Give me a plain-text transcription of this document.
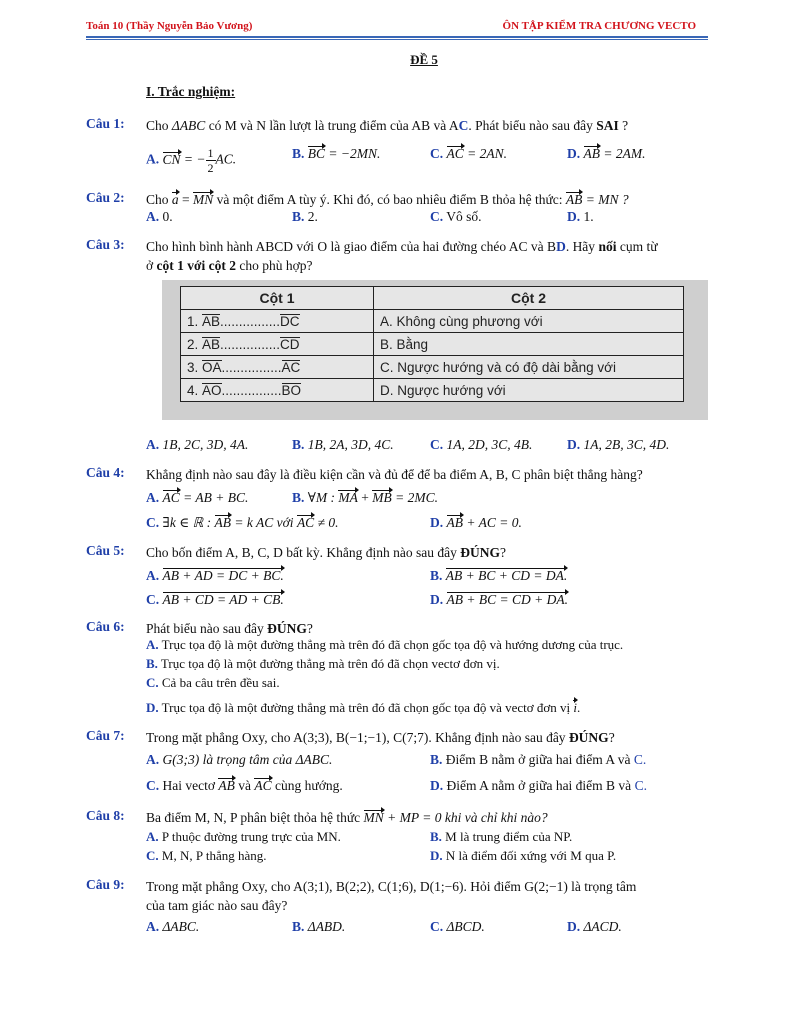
Toán 10 (Thầy Nguyễn Bảo Vương)	ÔN TẬP KIỂM TRA CHƯƠNG VECTO
ĐỀ 5
I. Trắc nghiệm:
Câu 1: Cho ΔABC có M và N lần lượt là trung điểm của AB và AC. Phát biểu nào sau đây SAI ?
A. CN = − $\frac{1}{2}$ AC.	B. BC = −2MN.	C. AC = 2AN.	D. AB = 2AM.
Câu 2: Cho a = MN và một điểm A tùy ý. Khi đó, có bao nhiêu điểm B thỏa hệ thức: AB = MN ?
A. 0.	B. 2.	C. Vô số.	D. 1.
Câu 3: Cho hình bình hành ABCD với O là giao điểm của hai đường chéo AC và BD. Hãy nối cụm từ
ở cột 1 với cột 2 cho phù hợp?
Cột 1	Cột 2
1. AB................DC	A. Không cùng phương với
2. AB................CD	B. Bằng
3. OA................AC	C. Ngược hướng và có độ dài bằng với
4. AO................BO	D. Ngược hướng với
A. 1B, 2C, 3D, 4A.	B. 1B, 2A, 3D, 4C.	C. 1A, 2D, 3C, 4B.	D. 1A, 2B, 3C, 4D.
Câu 4: Khẳng định nào sau đây là điều kiện cần và đủ để để ba điểm A, B, C phân biệt thẳng hàng?
A. AC = AB + BC.	B. ∀M : MA + MB = 2MC.
C. ∃k ∈ ℝ : AB = k AC với AC ≠ 0.	D. AB + AC = 0.
Câu 5: Cho bốn điểm A, B, C, D bất kỳ. Khẳng định nào sau đây ĐÚNG?
A. AB + AD = DC + BC.	B. AB + BC + CD = DA.
C. AB + CD = AD + CB.	D. AB + BC = CD + DA.
Câu 6: Phát biểu nào sau đây ĐÚNG?
A. Trục tọa độ là một đường thẳng mà trên đó đã chọn gốc tọa độ và hướng dương của trục.
B. Trục tọa độ là một đường thẳng mà trên đó đã chọn vectơ đơn vị.
C. Cả ba câu trên đều sai.
D. Trục tọa độ là một đường thẳng mà trên đó đã chọn gốc tọa độ và vectơ đơn vị i.
Câu 7: Trong mặt phẳng Oxy, cho A(3;3), B(−1;−1), C(7;7). Khẳng định nào sau đây ĐÚNG?
A. G(3;3) là trọng tâm của ΔABC.	B. Điểm B nằm ở giữa hai điểm A và C.
C. Hai vectơ AB và AC cùng hướng.	D. Điểm A nằm ở giữa hai điểm B và C.
Câu 8: Ba điểm M, N, P phân biệt thỏa hệ thức MN + MP = 0 khi và chỉ khi nào?
A. P thuộc đường trung trực của MN.	B. M là trung điểm của NP.
C. M, N, P thẳng hàng.	D. N là điểm đối xứng với M qua P.
Câu 9: Trong mặt phẳng Oxy, cho A(3;1), B(2;2), C(1;6), D(1;−6). Hỏi điểm G(2;−1) là trọng tâm
của tam giác nào sau đây?
A. ΔABC.	B. ΔABD.	C. ΔBCD.	D. ΔACD.
